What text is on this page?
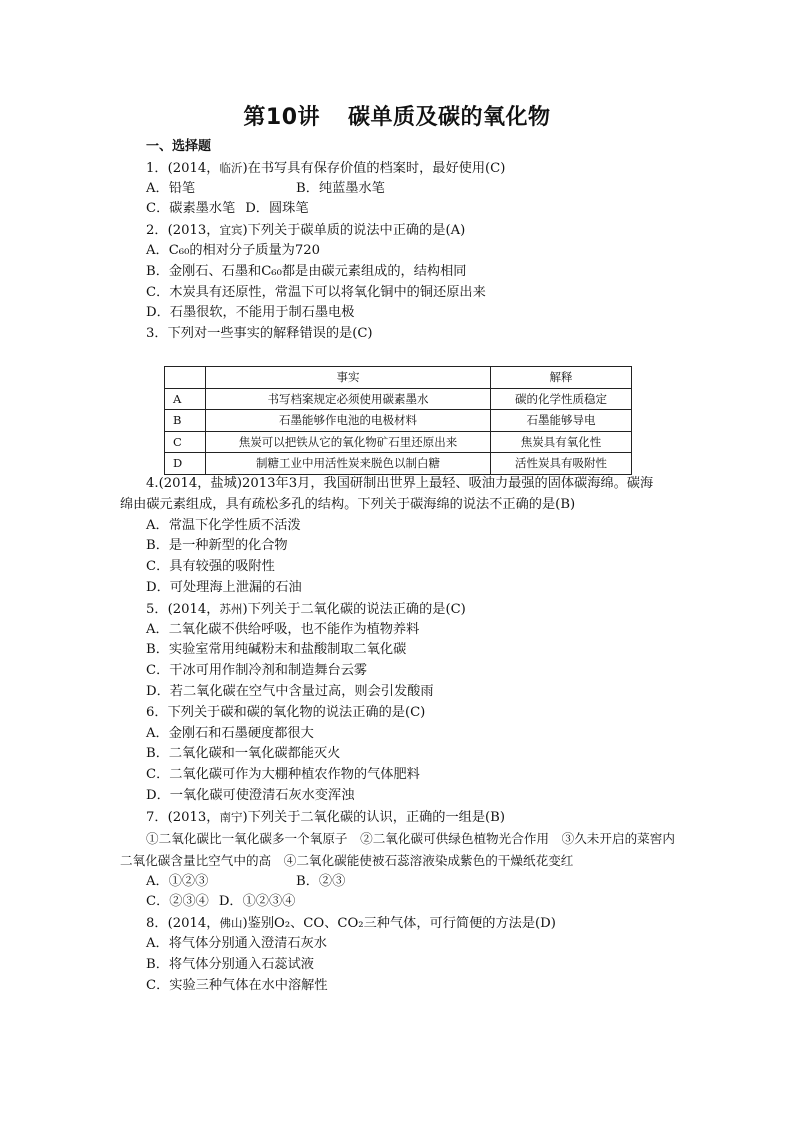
第10讲 碳单质及碳的氧化物
一、选择题
1．(2014，临沂)在书写具有保存价值的档案时，最好使用(C)
A．铅笔	B．纯蓝墨水笔
C．碳素墨水笔 D．圆珠笔
2．(2013，宜宾)下列关于碳单质的说法中正确的是(A)
A．C₆₀的相对分子质量为720
B．金刚石、石墨和C₆₀都是由碳元素组成的，结构相同
C．木炭具有还原性，常温下可以将氧化铜中的铜还原出来
D．石墨很软，不能用于制石墨电极
3．下列对一些事实的解释错误的是(C)
	事实	解释
A	书写档案规定必须使用碳素墨水	碳的化学性质稳定
B	石墨能够作电池的电极材料	石墨能够导电
C	焦炭可以把铁从它的氧化物矿石里还原出来	焦炭具有氧化性
D	制糖工业中用活性炭来脱色以制白糖	活性炭具有吸附性
4.(2014，盐城)2013年3月，我国研制出世界上最轻、吸油力最强的固体碳海绵。碳海
绵由碳元素组成，具有疏松多孔的结构。下列关于碳海绵的说法不正确的是(B)
A．常温下化学性质不活泼
B．是一种新型的化合物
C．具有较强的吸附性
D．可处理海上泄漏的石油
5．(2014，苏州)下列关于二氧化碳的说法正确的是(C)
A．二氧化碳不供给呼吸，也不能作为植物养料
B．实验室常用纯碱粉末和盐酸制取二氧化碳
C．干冰可用作制冷剂和制造舞台云雾
D．若二氧化碳在空气中含量过高，则会引发酸雨
6．下列关于碳和碳的氧化物的说法正确的是(C)
A．金刚石和石墨硬度都很大
B．二氧化碳和一氧化碳都能灭火
C．二氧化碳可作为大棚种植农作物的气体肥料
D．一氧化碳可使澄清石灰水变浑浊
7．(2013，南宁)下列关于二氧化碳的认识，正确的一组是(B)
①二氧化碳比一氧化碳多一个氧原子　②二氧化碳可供绿色植物光合作用　③久未开启的菜窖内二氧化碳含量比空气中的高　④二氧化碳能使被石蕊溶液染成紫色的干燥纸花变红
A．①②③	B．②③
C．②③④ D．①②③④
8．(2014，佛山)鉴别O₂、CO、CO₂三种气体，可行简便的方法是(D)
A．将气体分别通入澄清石灰水
B．将气体分别通入石蕊试液
C．实验三种气体在水中溶解性
